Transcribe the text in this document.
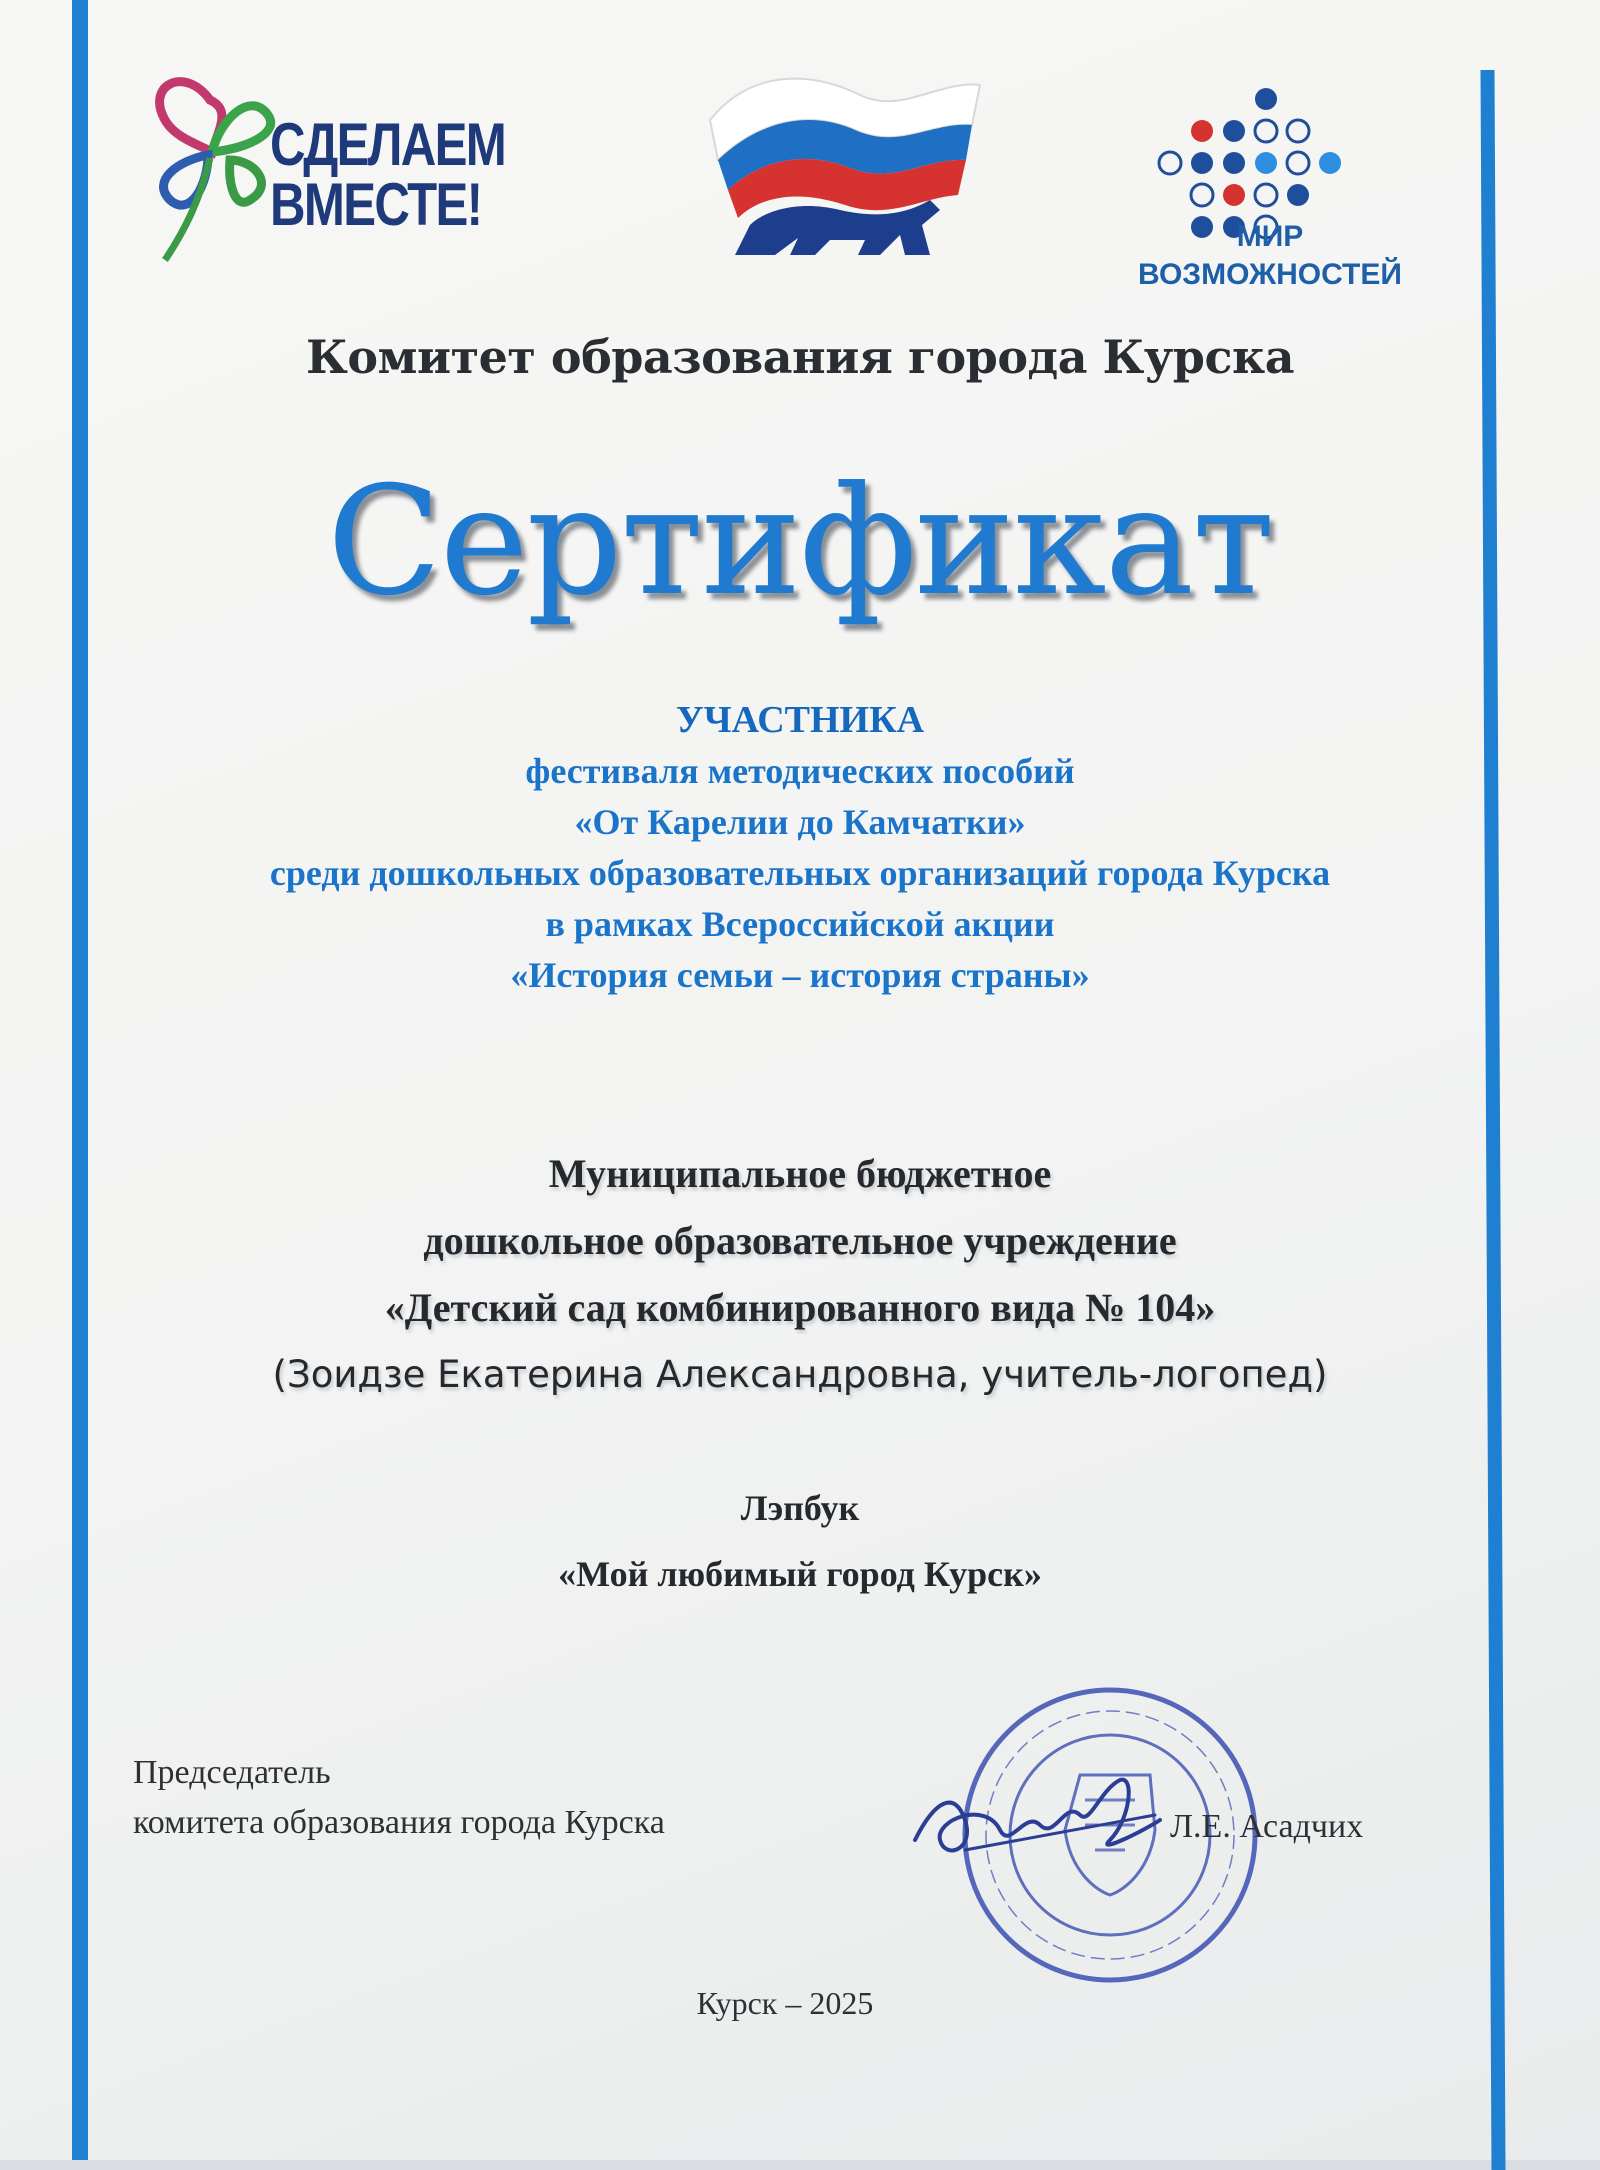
СДЕЛАЕМ
ВМЕСТЕ!	МИР
ВОЗМОЖНОСТЕЙ
Комитет образования города Курска
Сертификат
УЧАСТНИКА
фестиваля методических пособий
«От Карелии до Камчатки»
среди дошкольных образовательных организаций города Курска
в рамках Всероссийской акции
«История семьи – история страны»
Муниципальное бюджетное
дошкольное образовательное учреждение
«Детский сад комбинированного вида № 104»
(Зоидзе Екатерина Александровна, учитель-логопед)
Лэпбук
«Мой любимый город Курск»
Председатель
комитета образования города Курска	Л.Е. Асадчих
Курск – 2025
